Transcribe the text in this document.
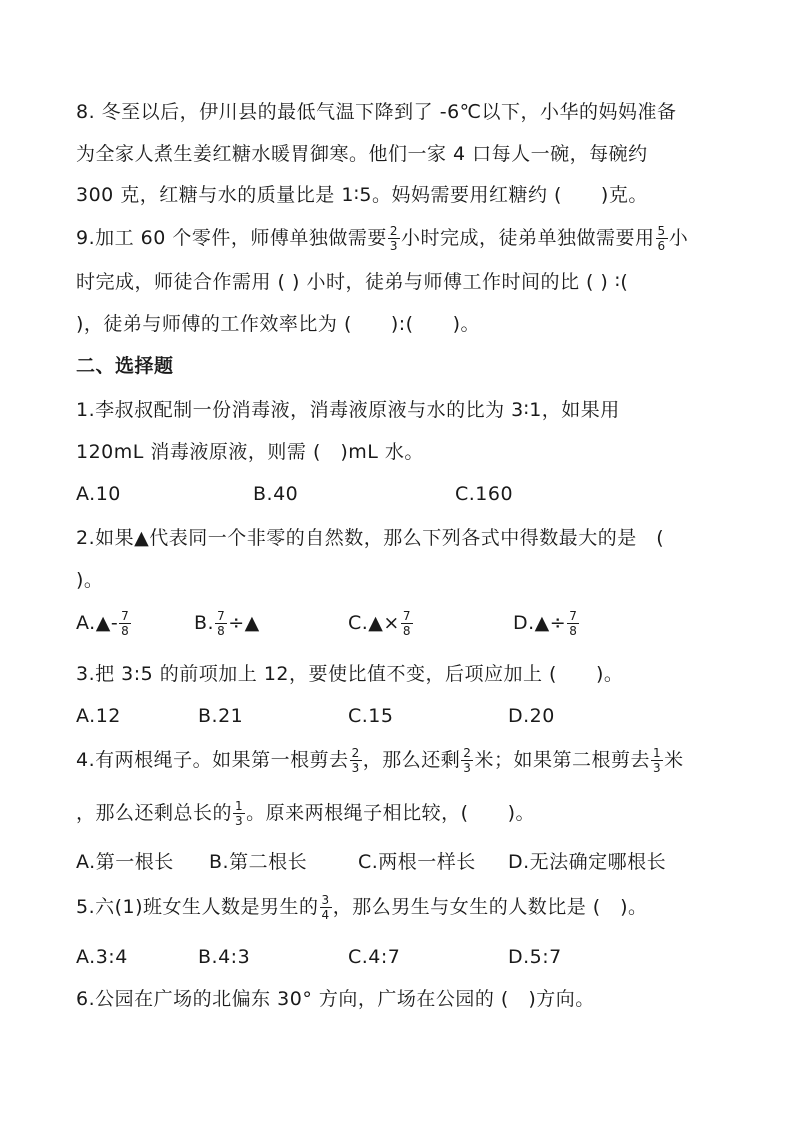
8. 冬至以后，伊川县的最低气温下降到了 -6℃以下，小华的妈妈准备
为全家人煮生姜红糖水暖胃御寒。他们一家 4 口每人一碗，每碗约
300 克，红糖与水的质量比是 1∶5。妈妈需要用红糖约 (　　)克。
9.加工 60 个零件，师傅单独做需要 $\frac{2}{3}$ 小时完成，徒弟单独做需要用 $\frac{5}{6}$ 小
时完成，师徒合作需用 ( ) 小时，徒弟与师傅工作时间的比 ( ) ∶(
)，徒弟与师傅的工作效率比为 (　　):(　　)。
二、选择题
1.李叔叔配制一份消毒液，消毒液原液与水的比为 3∶1，如果用
120mL 消毒液原液，则需 (　)mL 水。
A.10	B.40	C.160
2.如果▲代表同一个非零的自然数，那么下列各式中得数最大的是　(
)。
A.▲- $\frac{7}{8}$	B. $\frac{7}{8}$ ÷▲	C.▲× $\frac{7}{8}$	D.▲÷ $\frac{7}{8}$
3.把 3:5 的前项加上 12，要使比值不变，后项应加上 (　　)。
A.12	B.21	C.15	D.20
4.有两根绳子。如果第一根剪去 $\frac{2}{3}$ ，那么还剩 $\frac{2}{3}$ 米；如果第二根剪去 $\frac{1}{3}$ 米
，那么还剩总长的 $\frac{1}{3}$ 。原来两根绳子相比较，(　　)。
A.第一根长 B.第二根长	C.两根一样长 D.无法确定哪根长
5.六(1)班女生人数是男生的 $\frac{3}{4}$ ，那么男生与女生的人数比是 (　)。
A.3:4	B.4:3	C.4:7	D.5:7
6.公园在广场的北偏东 30° 方向，广场在公园的 (　)方向。
